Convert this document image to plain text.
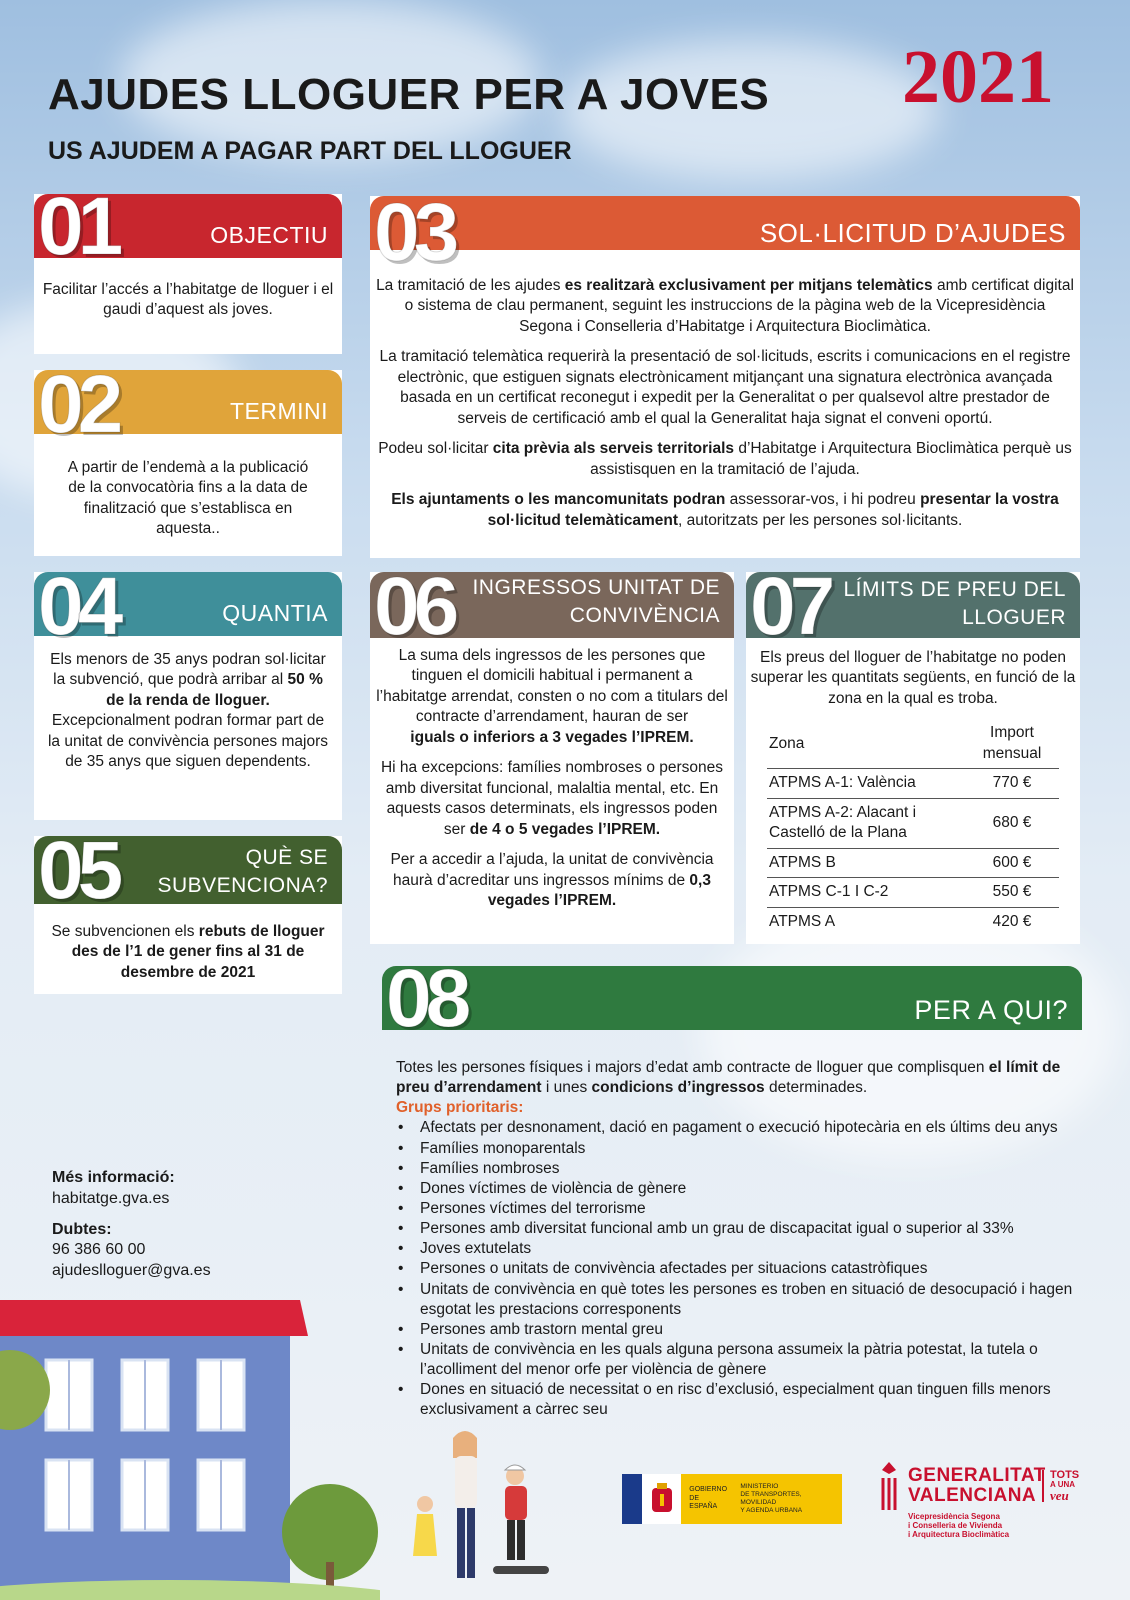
AJUDES LLOGUER PER A JOVES
US AJUDEM A PAGAR PART DEL LLOGUER
2021
01	OBJECTIU

Facilitar l’accés a l’habitatge de lloguer i el gaudi d’aquest als joves.

02	TERMINI

A partir de l’endemà a la publicació de la convocatòria fins a la data de finalització que s’establisca en aquesta..

03	SOL·LICITUD D’AJUDES

La tramitació de les ajudes es realitzarà exclusivament per mitjans telemàtics amb certificat digital o sistema de clau permanent, seguint les instruccions de la pàgina web de la Vicepresidència Segona i Conselleria d’Habitatge i Arquitectura Bioclimàtica.

La tramitació telemàtica requerirà la presentació de sol·licituds, escrits i comunicacions en el registre electrònic, que estiguen signats electrònicament mitjançant una signatura electrònica avançada basada en un certificat reconegut i expedit per la Generalitat o per qualsevol altre prestador de serveis de certificació amb el qual la Generalitat haja signat el conveni oportú.

Podeu sol·licitar cita prèvia als serveis territorials d’Habitatge i Arquitectura Bioclimàtica perquè us assistisquen en la tramitació de l’ajuda.

Els ajuntaments o les mancomunitats podran assessorar-vos, i hi podreu presentar la vostra sol·licitud telemàticament, autoritzats per les persones sol·licitants.

04	QUANTIA

Els menors de 35 anys podran sol·licitar la subvenció, que podrà arribar al 50 % de la renda de lloguer. Excepcionalment podran formar part de la unitat de convivència persones majors de 35 anys que siguen dependents.

05	QUÈ SE
SUBVENCIONA?

Se subvencionen els rebuts de lloguer des de l’1 de gener fins al 31 de desembre de 2021

06 INGRESSOS UNITAT DE
CONVIVÈNCIA

La suma dels ingressos de les persones que tinguen el domicili habitual i permanent a l’habitatge arrendat, consten o no com a titulars del contracte d’arrendament, hauran de ser
iguals o inferiors a 3 vegades l’IPREM.

Hi ha excepcions: famílies nombroses o persones amb diversitat funcional, malaltia mental, etc. En aquests casos determinats, els ingressos poden ser de 4 o 5 vegades l’IPREM.

Per a accedir a l’ajuda, la unitat de convivència haurà d’acreditar uns ingressos mínims de 0,3 vegades l’IPREM.

07 LÍMITS DE PREU DEL
LLOGUER

Els preus del lloguer de l’habitatge no poden superar les quantitats següents, en funció de la zona en la qual es troba.

Zona	Import mensual
ATPMS A-1: València	770 €
ATPMS A-2: Alacant i Castelló de la Plana	680 €
ATPMS B	600 €
ATPMS C-1 I C-2	550 €
ATPMS A	420 €
08	PER A QUI?
Totes les persones físiques i majors d’edat amb contracte de lloguer que complisquen el límit de preu d’arrendament i unes condicions d’ingressos determinades.
Grups prioritaris:
• Afectats per desnonament, dació en pagament o execució hipotecària en els últims deu anys
• Famílies monoparentals
• Famílies nombroses
• Dones víctimes de violència de gènere
• Persones víctimes del terrorisme
• Persones amb diversitat funcional amb un grau de discapacitat igual o superior al 33%
• Joves extutelats
• Persones o unitats de convivència afectades per situacions catastròfiques
• Unitats de convivència en què totes les persones es troben en situació de desocupació i hagen esgotat les prestacions corresponents
• Persones amb trastorn mental greu
• Unitats de convivència en les quals alguna persona assumeix la pàtria potestat, la tutela o l’acolliment del menor orfe per violència de gènere
• Dones en situació de necessitat o en risc d’exclusió, especialment quan tinguen fills menors exclusivament a càrrec seu
Més informació:
habitatge.gva.es
Dubtes:
96 386 60 00
ajudeslloguer@gva.es
GOBIERNO
DE ESPAÑA
MINISTERIO
DE TRANSPORTES, MOVILIDAD
Y AGENDA URBANA
GENERALITAT
VALENCIANA
TOTS
A UNA
veu
Vicepresidència Segona
i Conselleria de Vivienda
i Arquitectura Bioclimàtica
